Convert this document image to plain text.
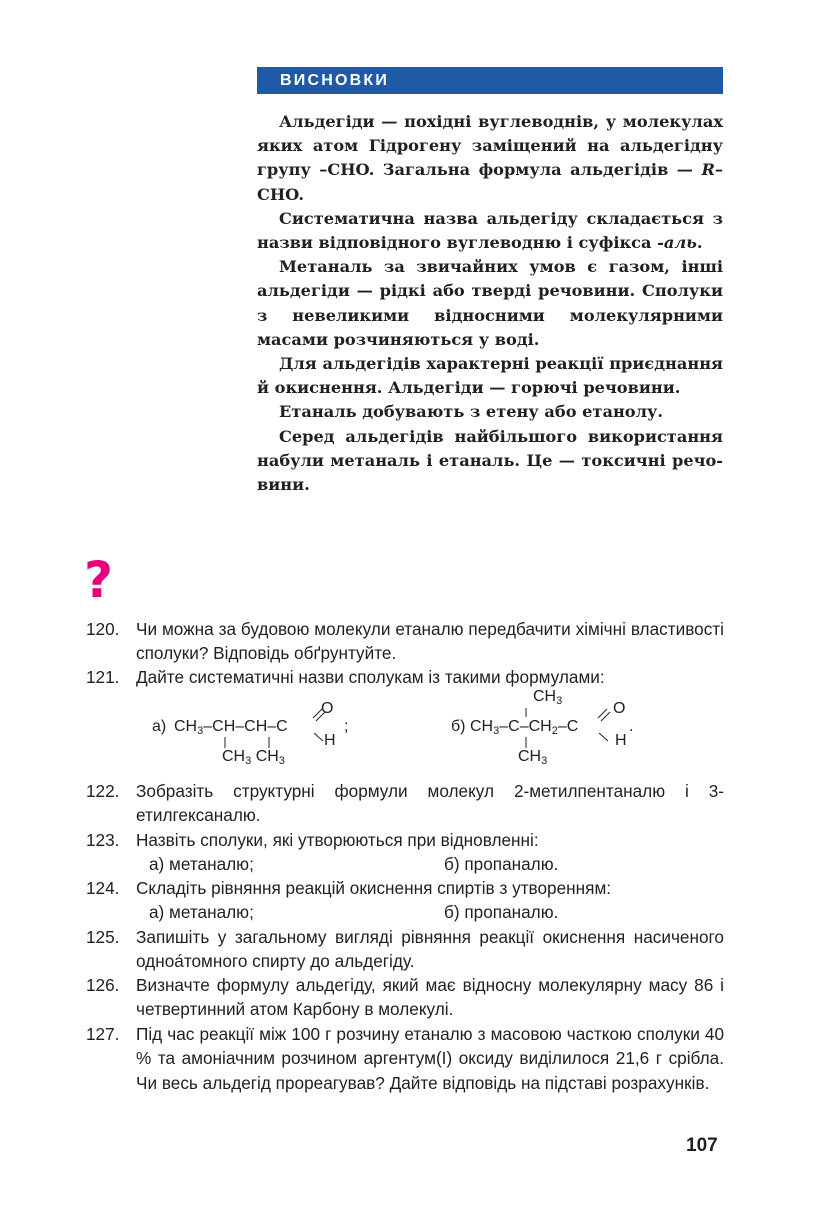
ВИСНОВКИ

Альдегіди — похідні вуглеводнів, у молекулах яких атом Гідрогену заміщений на альдегідну групу –CHO. Загальна формула альдегідів — R–CHO.

Систематична назва альдегіду складається з назви відповідного вуглеводню і суфікса -аль.

Метаналь за звичайних умов є газом, інші альдегіди — рідкі або тверді речовини. Сполуки з невеликими відносними молекулярними масами розчиняються у воді.

Для альдегідів характерні реакції приєднання й окиснення. Альдегіди — горючі речовини.

Етаналь добувають з етену або етанолу.

Серед альдегідів найбільшого використання набули метаналь і етаналь. Це — токсичні речовини.

?
120. Чи можна за будовою молекули етаналю передбачити хімічні властивості сполуки? Відповідь обґрунтуйте.
121. Дайте систематичні назви сполукам із такими формулами:
а) $CH_3-CH-CH-C$
O
H
;
$CH_3$ $CH_3$
б) $CH_3-C-CH_2-C$
$CH_3$	O
H
.
$CH_3$
122. Зобразіть структурні формули молекул 2-метилпентаналю і 3-етилгексаналю.
123. Назвіть сполуки, які утворюються при відновленні:
а) метаналю;	б) пропаналю.
124. Складіть рівняння реакцій окиснення спиртів з утворенням:
а) метаналю;	б) пропаналю.
125. Запишіть у загальному вигляді рівняння реакції окиснення насиченого одноа́томного спирту до альдегіду.
126. Визначте формулу альдегіду, який має відносну молекулярну масу 86 і четвертинний атом Карбону в молекулі.
127. Під час реакції між 100 г розчину етаналю з масовою часткою сполуки 40 % та амоніачним розчином аргентум(І) оксиду виділилося 21,6 г срібла. Чи весь альдегід прореагував? Дайте відповідь на підставі розрахунків.
107
